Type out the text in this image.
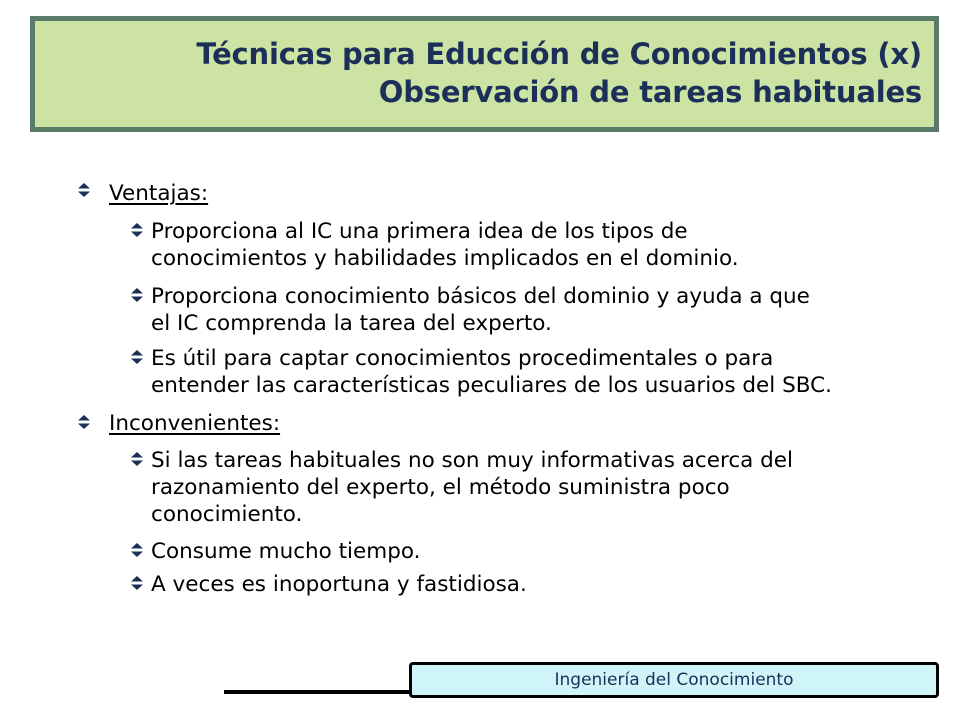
Técnicas para Educción de Conocimientos (x)
Observación de tareas habituales
Ventajas:
Proporciona al IC una primera idea de los tipos de
conocimientos y habilidades implicados en el dominio.
Proporciona conocimiento básicos del dominio y ayuda a que
el IC comprenda la tarea del experto.
Es útil para captar conocimientos procedimentales o para
entender las características peculiares de los usuarios del SBC.
Inconvenientes:
Si las tareas habituales no son muy informativas acerca del
razonamiento del experto, el método suministra poco
conocimiento.
Consume mucho tiempo.
A veces es inoportuna y fastidiosa.
Ingeniería del Conocimiento
